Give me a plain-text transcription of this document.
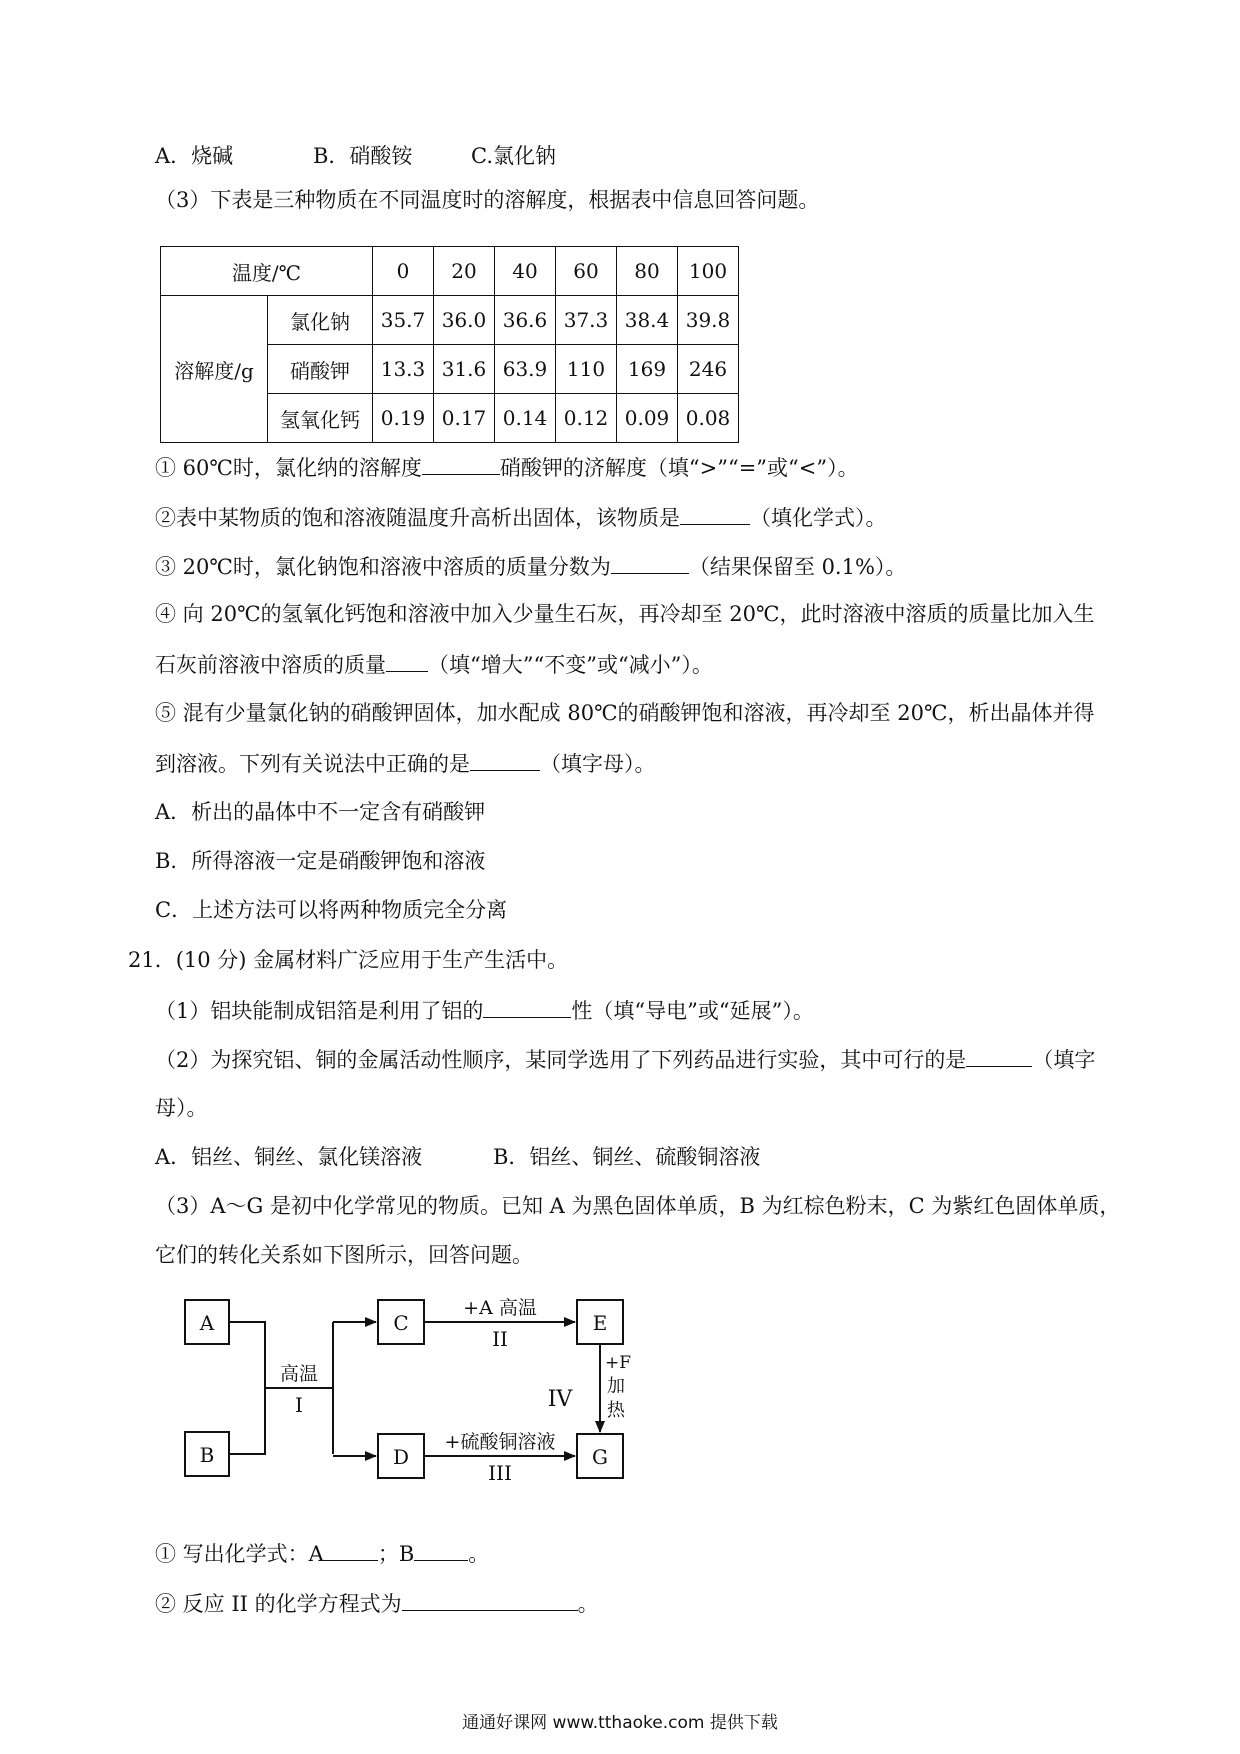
A．烧碱	B．硝酸铵	C.氯化钠
（3）下表是三种物质在不同温度时的溶解度，根据表中信息回答问题。
温度/℃		0	20	40	60	80	100
溶解度/g	氯化钠	35.7	36.0	36.6	37.3	38.4	39.8
	硝酸钾	13.3	31.6	63.9	110	169	246
	氢氧化钙	0.19	0.17	0.14	0.12	0.09	0.08
① 60℃时，氯化纳的溶解度	硝酸钾的济解度（填“>”“=”或“<”）。
②表中某物质的饱和溶液随温度升高析出固体，该物质是	（填化学式）。
③ 20℃时，氯化钠饱和溶液中溶质的质量分数为	（结果保留至 0.1%）。
④ 向 20℃的氢氧化钙饱和溶液中加入少量生石灰，再冷却至 20℃，此时溶液中溶质的质量比加入生
石灰前溶液中溶质的质量 （填“增大”“不变”或“减小”）。
⑤ 混有少量氯化钠的硝酸钾固体，加水配成 80℃的硝酸钾饱和溶液，再冷却至 20℃，析出晶体并得
到溶液。下列有关说法中正确的是	（填字母）。
A．析出的晶体中不一定含有硝酸钾
B．所得溶液一定是硝酸钾饱和溶液
C．上述方法可以将两种物质完全分离
21．(10 分) 金属材料广泛应用于生产生活中。
（1）铝块能制成铝箔是利用了铝的	性（填“导电”或“延展”）。
（2）为探究铝、铜的金属活动性顺序，某同学选用了下列药品进行实验，其中可行的是	（填字
母）。
A．铝丝、铜丝、氯化镁溶液	B．铝丝、铜丝、硫酸铜溶液
（3）A～G 是初中化学常见的物质。已知 A 为黑色固体单质，B 为红棕色粉末，C 为紫红色固体单质，
它们的转化关系如下图所示，回答问题。
A
B
C
D
E
G
高温
I
+A 高温
II
+硫酸铜溶液
III
IV
+F
加
热
① 写出化学式：A	；B	。
② 反应 II 的化学方程式为	。
通通好课网 www.tthaoke.com 提供下载
